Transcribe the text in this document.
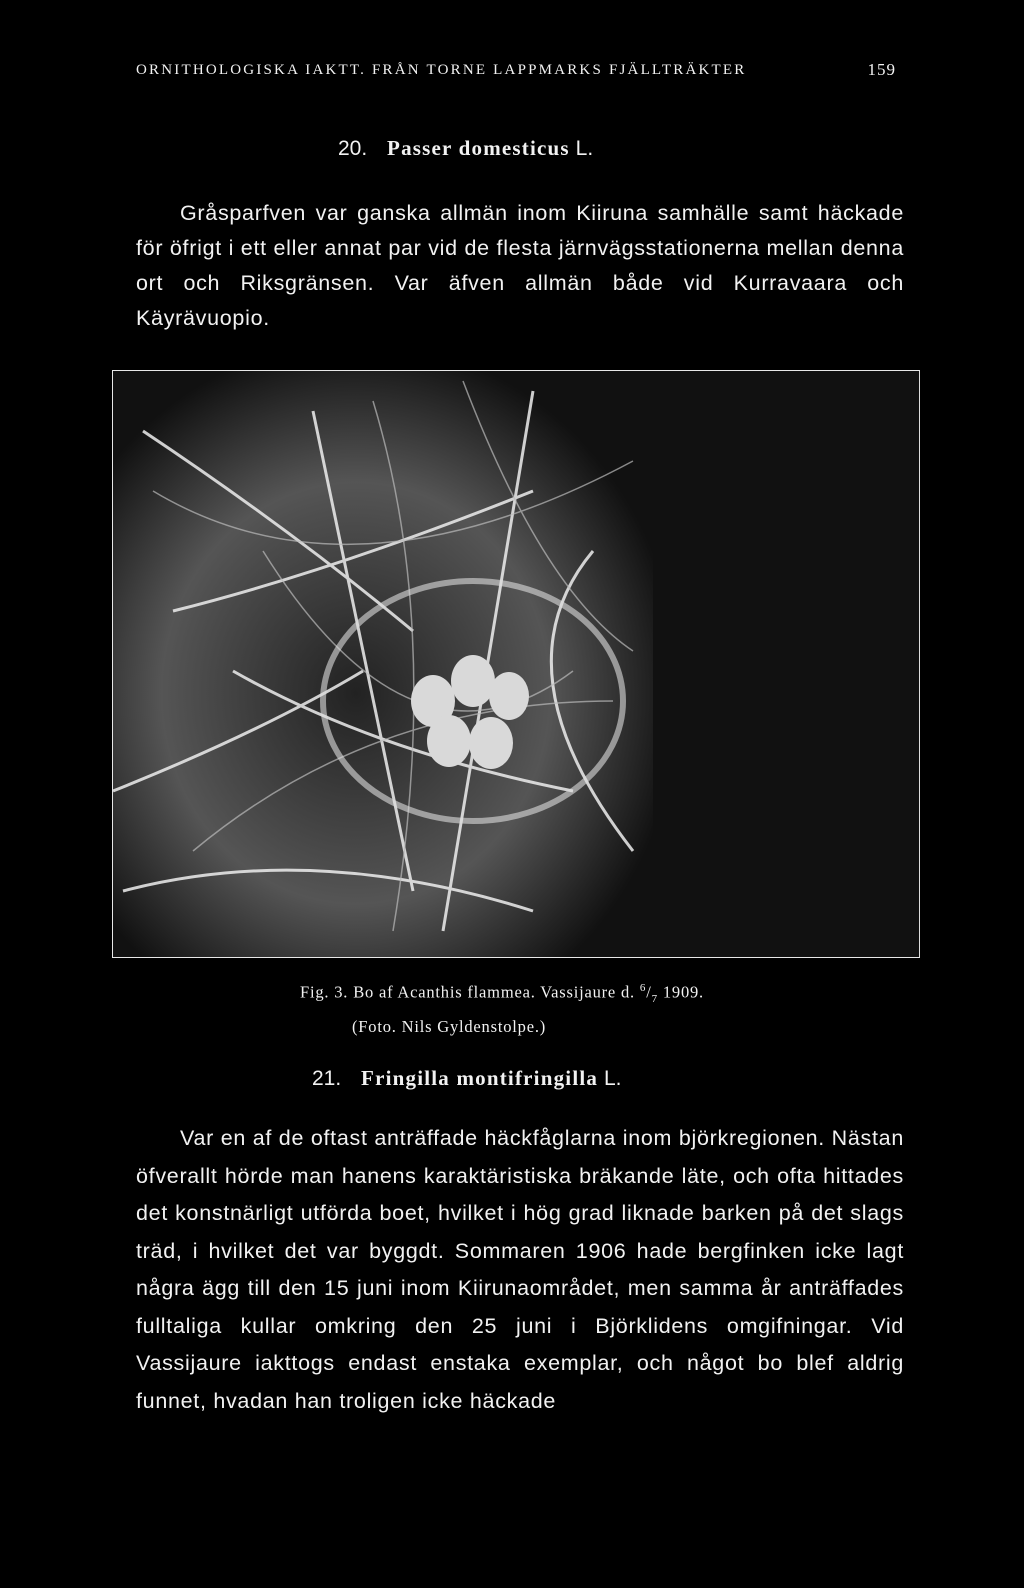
ORNITHOLOGISKA IAKTT. FRÅN TORNE LAPPMARKS FJÄLLTRÄKTER	159
20. Passer domesticus L.

Gråsparfven var ganska allmän inom Kiiruna samhälle samt häckade för öfrigt i ett eller annat par vid de flesta järnvägsstationerna mellan denna ort och Riksgränsen. Var äfven allmän både vid Kurravaara och Käyrävuopio.

Fig. 3. Bo af Acanthis flammea. Vassijaure d. $^6/_7$ 1909.
(Foto. Nils Gyldenstolpe.)
21. Fringilla montifringilla L.

Var en af de oftast anträffade häckfåglarna inom björkregionen. Nästan öfverallt hörde man hanens karaktäristiska bräkande läte, och ofta hittades det konstnärligt utförda boet, hvilket i hög grad liknade barken på det slags träd, i hvilket det var byggdt. Sommaren 1906 hade bergfinken icke lagt några ägg till den 15 juni inom Kiirunaområdet, men samma år anträffades fulltaliga kullar omkring den 25 juni i Björklidens omgifningar. Vid Vassijaure iakttogs endast enstaka exemplar, och något bo blef aldrig funnet, hvadan han troligen icke häckade
